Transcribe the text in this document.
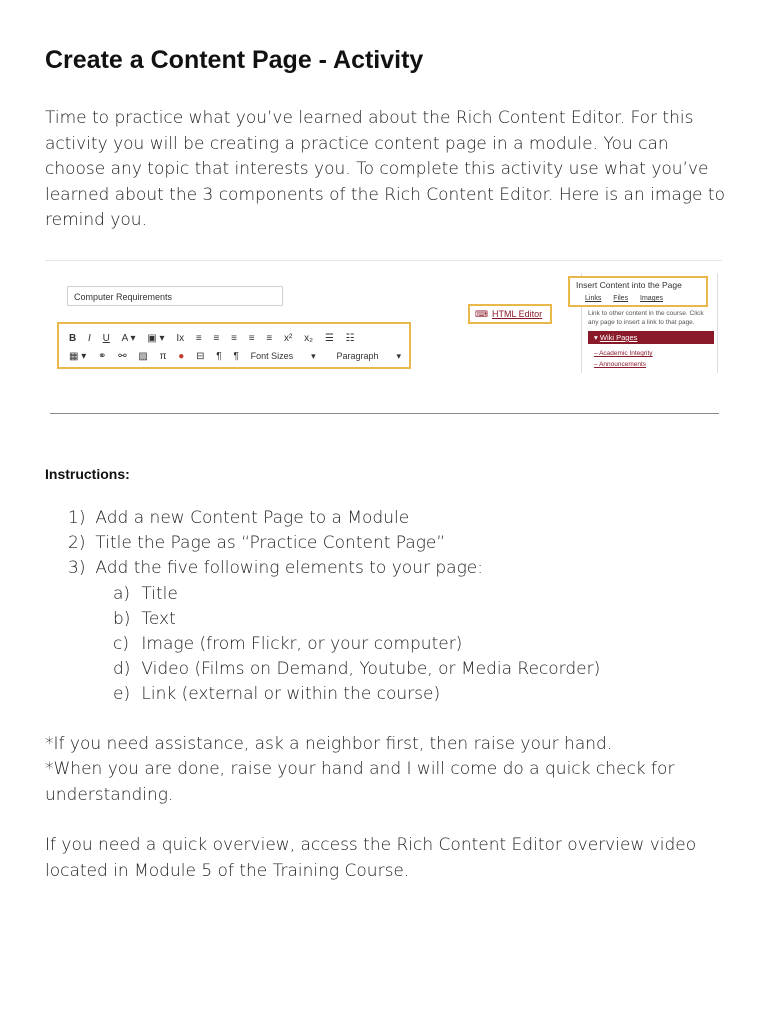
Create a Content Page - Activity

Time to practice what you’ve learned about the Rich Content Editor. For this activity you will be creating a practice content page in a module. You can choose any topic that interests you. To complete this activity use what you’ve learned about the 3 components of the Rich Content Editor. Here is an image to remind you.

Computer Requirements
B I U A ▾ ▣ ▾ Ix ≡ ≡ ≡ ≡ ≡ x² x₂ ☰ ☷
▦ ▾ ⚭ ⚯ ▨ π ● ⊟ ¶ ¶ Font Sizes ▾ Paragraph ▾
⌨ HTML Editor
Insert Content into the Page
Links Files Images
Link to other content in the course. Click any page to insert a link to that page.
▾ Wiki Pages
– Academic Integrity
– Announcements
Instructions:
1) Add a new Content Page to a Module
2) Title the Page as “Practice Content Page”
3) Add the five following elements to your page:
a) Title
b) Text
c) Image (from Flickr, or your computer)
d) Video (Films on Demand, Youtube, or Media Recorder)
e) Link (external or within the course)

*If you need assistance, ask a neighbor first, then raise your hand.

*When you are done, raise your hand and I will come do a quick check for understanding.

If you need a quick overview, access the Rich Content Editor overview video located in Module 5 of the Training Course.
